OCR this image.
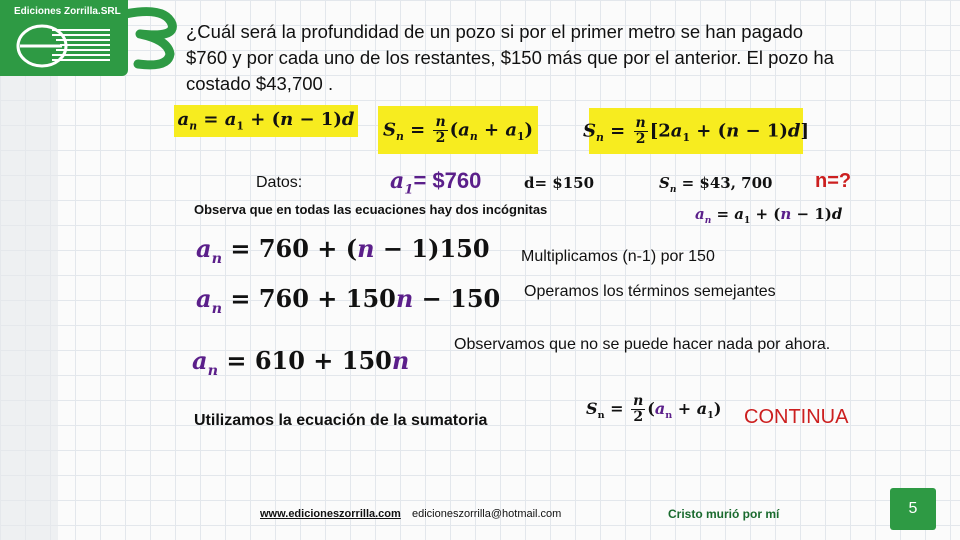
Ediciones Zorrilla.SRL
¿Cuál será la profundidad de un pozo si por el primer metro se han pagado $760 y por cada uno de los restantes, $150 más que por el anterior. El pozo ha costado $43,700 .
$a_n = a_1 + (n - 1)d$ $S_n = \frac{n}{2} (a_n + a_1)$	$S_n = \frac{n}{2} [2a_1 + (n - 1)d]$
Datos:	$a_1=$ $760	d= $150	$S_n$ = $43, 700 n=?
Observa que en todas las ecuaciones hay dos incógnitas	$a_n = a_1 + (n - 1)d$
$a_n = 760 + (n - 1)150$ Multiplicamos (n-1) por 150
$a_n = 760 + 150n - 150$ Operamos los términos semejantes
$a_n = 610 + 150n$
Observamos que no se puede hacer nada por ahora.
Utilizamos la ecuación de la sumatoria
$S_n = \frac{n}{2} (a_n + a_1)$ CONTINUA
www.edicioneszorrilla.com edicioneszorrilla@hotmail.com	Cristo murió por mí	5
